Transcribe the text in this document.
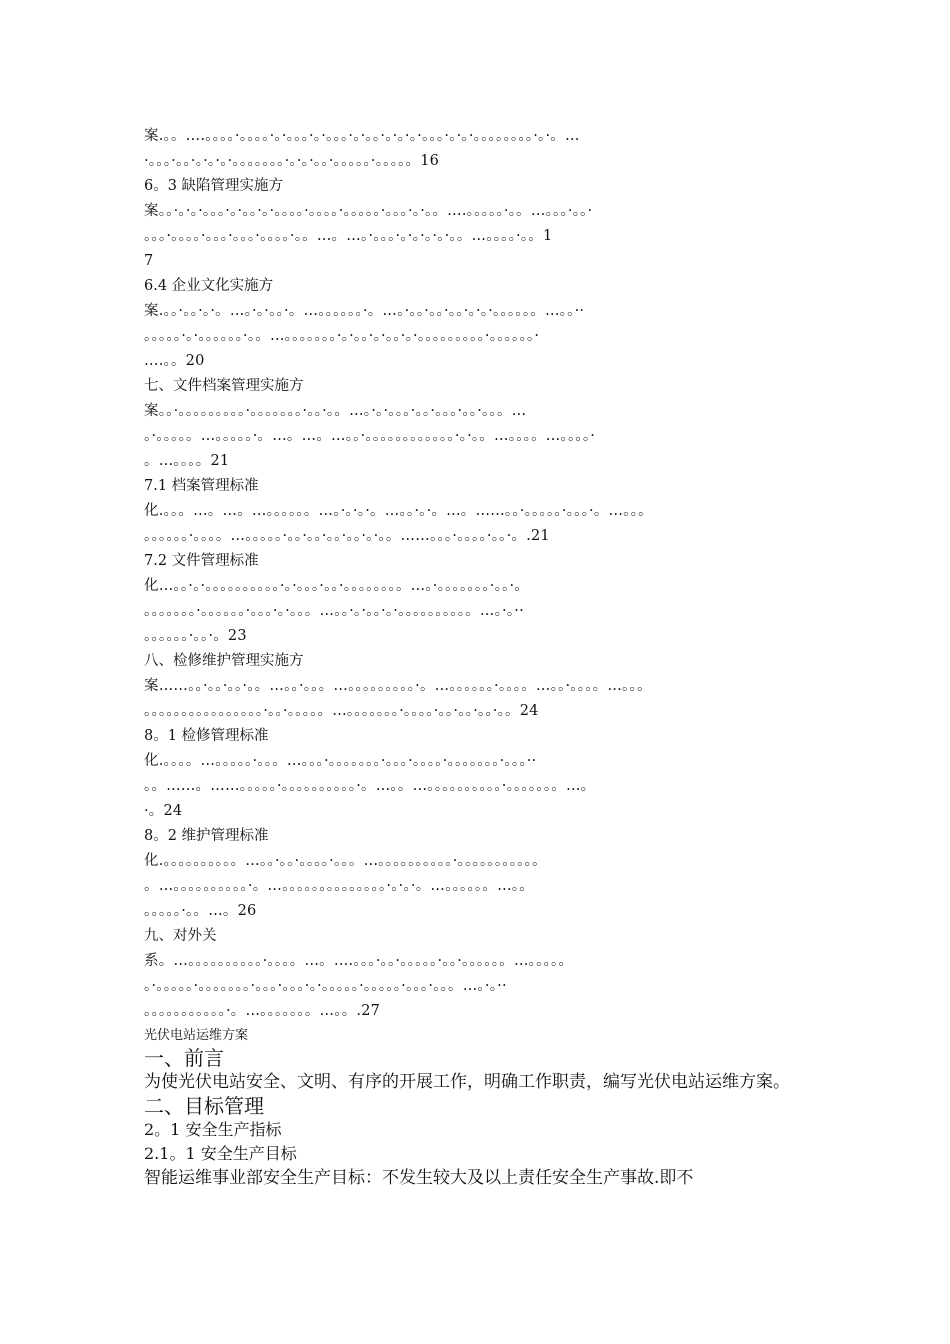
案.。。….。。。。·。。。。·。·。。。·。·。。。·。·。。·。·。·。·。。。·。·。·。。。。。。。。·。·。…
·。。。·。。·。·。·。·。。。。。。。·。·。·。。·。。。。。·。。。。。16
6。3 缺陷管理实施方
案。。·。·。·。。。·。·。。·。·。。。。·。。。。·。。。。。·。。。·。·。。….。。。。。·。。…。。。·。。·
。。。·。。。。·。。。·。。。·。。。。·。。…。…。·。。。·。·。·。·。·。。…。。。。·。。1
7
6.4 企业文化实施方
案.。。·。。·。·。…。·。·。。·。…。。。。。。·。…。·。。·。。·。。·。·。·。。。。。。…。。··
。。。。。·。·。。。。。。·。。…。。。。。。。·。·。。·。·。。·。·。。。。。。。。。·。。。。。。·
….。。20
七、文件档案管理实施方
案。。·。。。。。。。。。·。。。。。。。·。。·。。…。·。·。。。·。。·。。。·。。·。。。…
。·。。。。。…。。。。。·。…。…。…。。·。。。。。。。。。。。。·。·。。…。。。。…。。。。·
。…。。。。21
7.1 档案管理标准
化.。。。…。…。…。。。。。。…。·。·。·。…。。·。·。…。……。。·。。。。。·。。。·。…。。。
。。。。。。·。。。。…。。。。。·。。·。。·。。·。。·。·。。……。。。·。。。。·。。·。.21
7.2 文件管理标准
化…。。·。·。。。。。。。。。。·。·。。。·。。·。。。。。。。。…。·。。。。。。。·。。·。
。。。。。。。·。。。。。。·。。。·。·。。。…。。·。·。。·。·。。。。。。。。。。…。·。··
。。。。。。·。。·。23
八、检修维护管理实施方
案……。。·。。·。。·。。…。。·。。。…。。。。。。。。。·。…。。。。。。·。。。。…。。·。。。。…。。。
。。。。。。。。。。。。。。。。·。。·。。。。。…。。。。。。。·。。。。·。。·。。·。。·。。24
8。1 检修管理标准
化.。。。。…。。。。。·。。。…。。。·。。。。。。。·。。。·。。。。·。。。。。。。·。。。··
。。……。……。。。。。·。。。。。。。。。。·。…。。…。。。。。。。。。。·。。。。。。。…。
·。24
8。2 维护管理标准
化.。。。。。。。。。。…。。·。。·。。。。·。。。…。。。。。。。。。。·。。。。。。。。。。。
。…。。。。。。。。。。·。…。。。。。。。。。。。。。。·。·。·。…。。。。。。…。。
。。。。。·。。…。26
九、对外关
系。…。。。。。。。。。。·。。。。…。….。。。·。。·。。。。。·。。·。。。。。。…。。。。。
。·。。。。。·。。。。。。。·。。。·。。。·。·。。。。。·。。。。。·。。。·。。。…。·。··
。。。。。。。。。。。·。…。。。。。。。…。。.27
光伏电站运维方案
一、前言
为使光伏电站安全、文明、有序的开展工作，明确工作职责，编写光伏电站运维方案。
二、目标管理
2。1 安全生产指标
2.1。1 安全生产目标
智能运维事业部安全生产目标：不发生较大及以上责任安全生产事故.即不
